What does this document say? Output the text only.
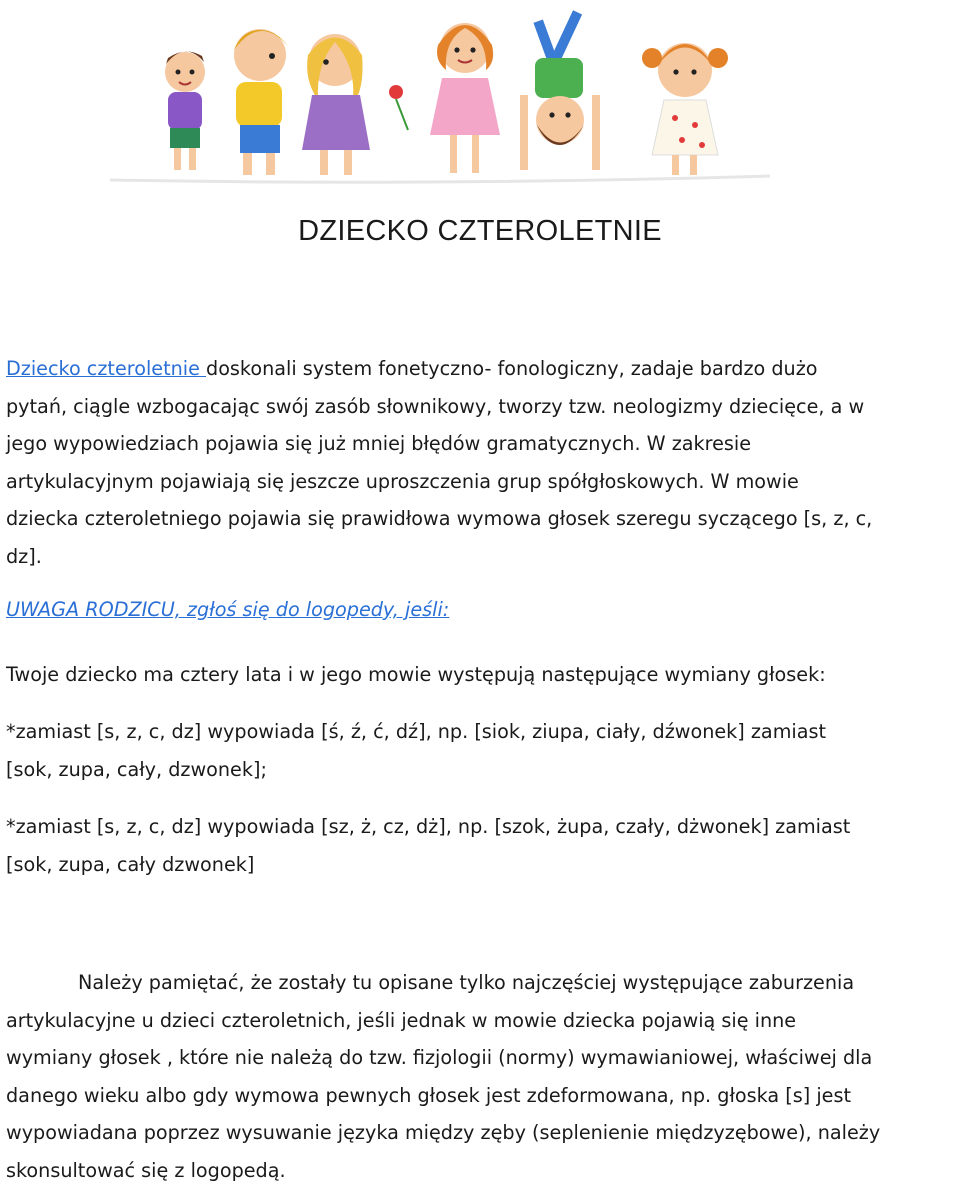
DZIECKO CZTEROLETNIE
Dziecko czteroletnie doskonali system fonetyczno- fonologiczny, zadaje bardzo dużo
pytań, ciągle wzbogacając swój zasób słownikowy, tworzy tzw. neologizmy dziecięce, a w
jego wypowiedziach pojawia się już mniej błędów gramatycznych. W zakresie
artykulacyjnym pojawiają się jeszcze uproszczenia grup spółgłoskowych. W mowie
dziecka czteroletniego pojawia się prawidłowa wymowa głosek szeregu syczącego [s, z, c,
dz].
UWAGA RODZICU, zgłoś się do logopedy, jeśli:
Twoje dziecko ma cztery lata i w jego mowie występują następujące wymiany głosek:
*zamiast [s, z, c, dz] wypowiada [ś, ź, ć, dź], np. [siok, ziupa, ciały, dźwonek] zamiast
[sok, zupa, cały, dzwonek];
*zamiast [s, z, c, dz] wypowiada [sz, ż, cz, dż], np. [szok, żupa, czały, dżwonek] zamiast
[sok, zupa, cały dzwonek]
Należy pamiętać, że zostały tu opisane tylko najczęściej występujące zaburzenia
artykulacyjne u dzieci czteroletnich, jeśli jednak w mowie dziecka pojawią się inne
wymiany głosek , które nie należą do tzw. fizjologii (normy) wymawianiowej, właściwej dla
danego wieku albo gdy wymowa pewnych głosek jest zdeformowana, np. głoska [s] jest
wypowiadana poprzez wysuwanie języka między zęby (seplenienie międzyzębowe), należy
skonsultować się z logopedą.
